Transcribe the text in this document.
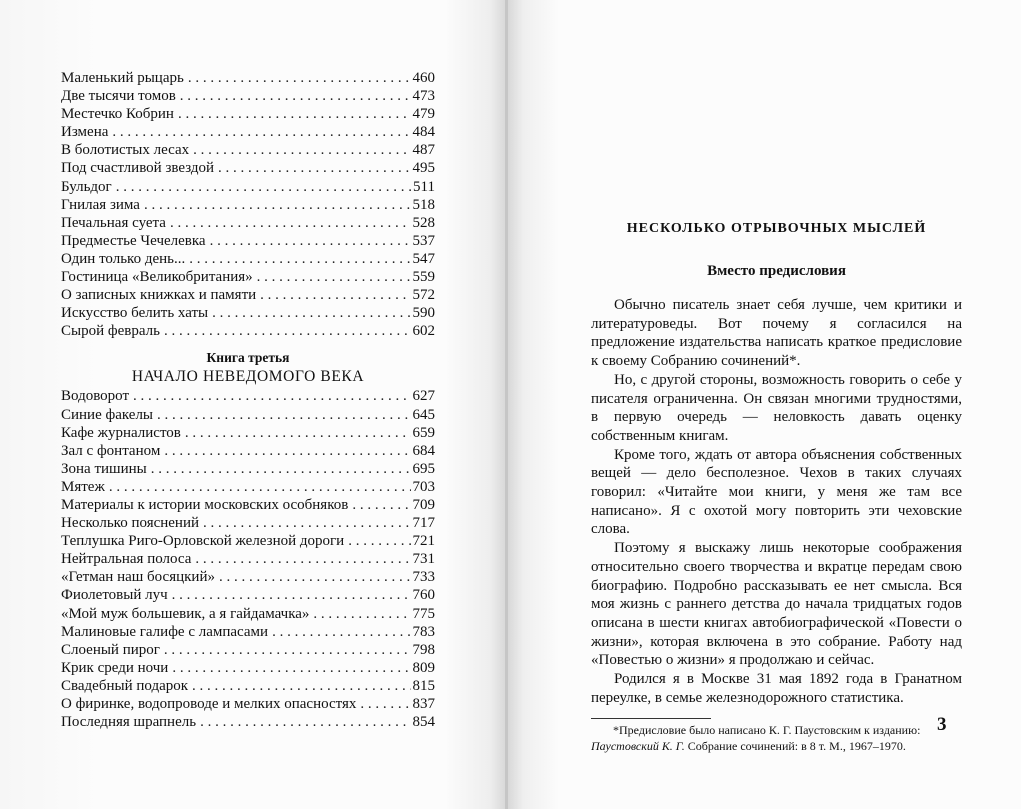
Маленький рыцарь . . .	460
Две тысячи томов . . .	473
Местечко Кобрин . . .	479
Измена . . .	484
В болотистых лесах . . .	487
Под счастливой звездой . . .	495
Бульдог . . .	511
Гнилая зима . . .	518
Печальная суета . . .	528
Предместье Чечелевка . . .	537
Один только день... . . .	547
Гостиница «Великобритания» . . .	559
О записных книжках и памяти . . .	572
Искусство белить хаты . . .	590
Сырой февраль . . .	602
Книга третья
НАЧАЛО НЕВЕДОМОГО ВЕКА
Водоворот . . .	627
Синие факелы . . .	645
Кафе журналистов . . .	659
Зал с фонтаном . . .	684
Зона тишины . . .	695
Мятеж . . .	703
Материалы к истории московских особняков . . .	709
Несколько пояснений . . .	717
Теплушка Риго-Орловской железной дороги . . .	721
Нейтральная полоса . . .	731
«Гетман наш босяцкий» . . .	733
Фиолетовый луч . . .	760
«Мой муж большевик, а я гайдамачка» . . .	775
Малиновые галифе с лампасами . . .	783
Слоеный пирог . . .	798
Крик среди ночи . . .	809
Свадебный подарок . . .	815
О фиринке, водопроводе и мелких опасностях . . .	837
Последняя шрапнель . . .	854
НЕСКОЛЬКО ОТРЫВОЧНЫХ МЫСЛЕЙ
Вместо предисловия

Обычно писатель знает себя лучше, чем критики и литературоведы. Вот почему я согласился на предложение издательства написать краткое предисловие к своему Собранию сочинений*.

Но, с другой стороны, возможность говорить о себе у писателя ограниченна. Он связан многими трудностями, в первую очередь — неловкость давать оценку собственным книгам.

Кроме того, ждать от автора объяснения собственных вещей — дело бесполезное. Чехов в таких случаях говорил: «Читайте мои книги, у меня же там все написано». Я с охотой могу повторить эти чеховские слова.

Поэтому я выскажу лишь некоторые соображения относительно своего творчества и вкратце передам свою биографию. Подробно рассказывать ее нет смысла. Вся моя жизнь с раннего детства до начала тридцатых годов описана в шести книгах автобиографической «Повести о жизни», которая включена в это собрание. Работу над «Повестью о жизни» я продолжаю и сейчас.

Родился я в Москве 31 мая 1892 года в Гранатном переулке, в семье железнодорожного статистика.

*Предисловие было написано К. Г. Паустовским к изданию:
Паустовский К. Г. Собрание сочинений: в 8 т. М., 1967–1970.
3
